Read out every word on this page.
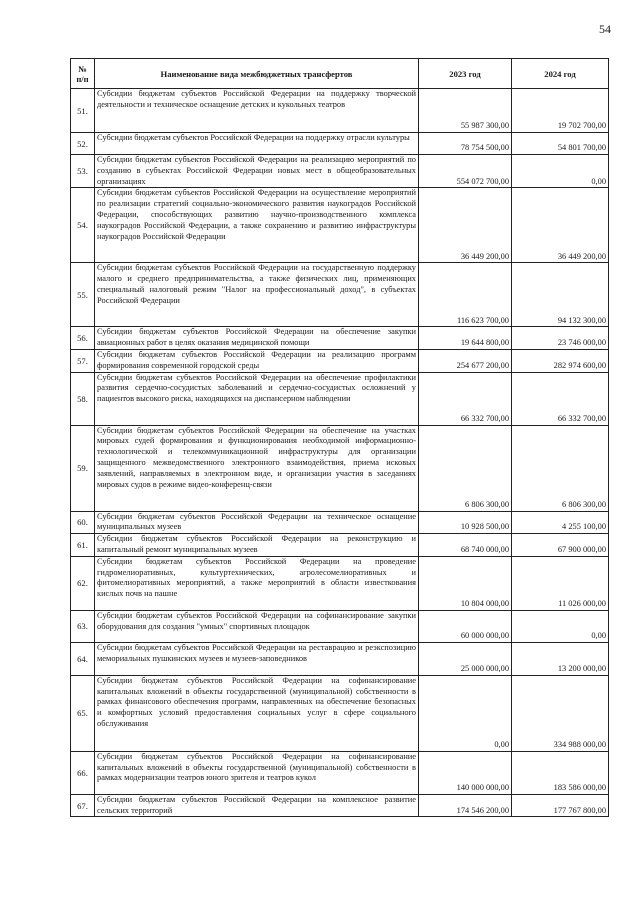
54
№
п/п	Наименование вида межбюджетных трансфертов	2023 год	2024 год
51.	Субсидии бюджетам субъектов Российской Федерации на поддержку творческой деятельности и техническое оснащение детских и кукольных театров	55 987 300,00	19 702 700,00
52.	Субсидии бюджетам субъектов Российской Федерации на поддержку отрасли культуры	78 754 500,00	54 801 700,00
53.	Субсидии бюджетам субъектов Российской Федерации на реализацию мероприятий по созданию в субъектах Российской Федерации новых мест в общеобразовательных организациях	554 072 700,00	0,00
54.	Субсидии бюджетам субъектов Российской Федерации на осуществление мероприятий по реализации стратегий социально-экономического развития наукоградов Российской Федерации, способствующих развитию научно-производственного комплекса наукоградов Российской Федерации, а также сохранению и развитию инфраструктуры наукоградов Российской Федерации	36 449 200,00	36 449 200,00
55.	Субсидии бюджетам субъектов Российской Федерации на государственную поддержку малого и среднего предпринимательства, а также физических лиц, применяющих специальный налоговый режим "Налог на профессиональный доход", в субъектах Российской Федерации	116 623 700,00	94 132 300,00
56.	Субсидии бюджетам субъектов Российской Федерации на обеспечение закупки авиационных работ в целях оказания медицинской помощи	19 644 800,00	23 746 000,00
57.	Субсидии бюджетам субъектов Российской Федерации на реализацию программ формирования современной городской среды	254 677 200,00	282 974 600,00
58.	Субсидии бюджетам субъектов Российской Федерации на обеспечение профилактики развития сердечно-сосудистых заболеваний и сердечно-сосудистых осложнений у пациентов высокого риска, находящихся на диспансерном наблюдении	66 332 700,00	66 332 700,00
59.	Субсидии бюджетам субъектов Российской Федерации на обеспечение на участках мировых судей формирования и функционирования необходимой информационно-технологической и телекоммуникационной инфраструктуры для организации защищенного межведомственного электронного взаимодействия, приема исковых заявлений, направляемых в электронном виде, и организации участия в заседаниях мировых судов в режиме видео-конференц-связи	6 806 300,00	6 806 300,00
60.	Субсидии бюджетам субъектов Российской Федерации на техническое оснащение муниципальных музеев	10 928 500,00	4 255 100,00
61.	Субсидии бюджетам субъектов Российской Федерации на реконструкцию и капитальный ремонт муниципальных музеев	68 740 000,00	67 900 000,00
62.	Субсидии бюджетам субъектов Российской Федерации на проведение гидромелиоративных, культуртехнических, агролесомелиоративных и фитомелиоративных мероприятий, а также мероприятий в области известкования кислых почв на пашне	10 804 000,00	11 026 000,00
63.	Субсидии бюджетам субъектов Российской Федерации на софинансирование закупки оборудования для создания "умных" спортивных площадок	60 000 000,00	0,00
64.	Субсидии бюджетам субъектов Российской Федерации на реставрацию и реэкспозицию мемориальных пушкинских музеев и музеев-заповедников	25 000 000,00	13 200 000,00
65.	Субсидии бюджетам субъектов Российской Федерации на софинансирование капитальных вложений в объекты государственной (муниципальной) собственности в рамках финансового обеспечения программ, направленных на обеспечение безопасных и комфортных условий предоставления социальных услуг в сфере социального обслуживания	0,00	334 988 000,00
66.	Субсидии бюджетам субъектов Российской Федерации на софинансирование капитальных вложений в объекты государственной (муниципальной) собственности в рамках модернизации театров юного зрителя и театров кукол	140 000 000,00	183 586 000,00
67.	Субсидии бюджетам субъектов Российской Федерации на комплексное развитие сельских территорий	174 546 200,00	177 767 800,00
